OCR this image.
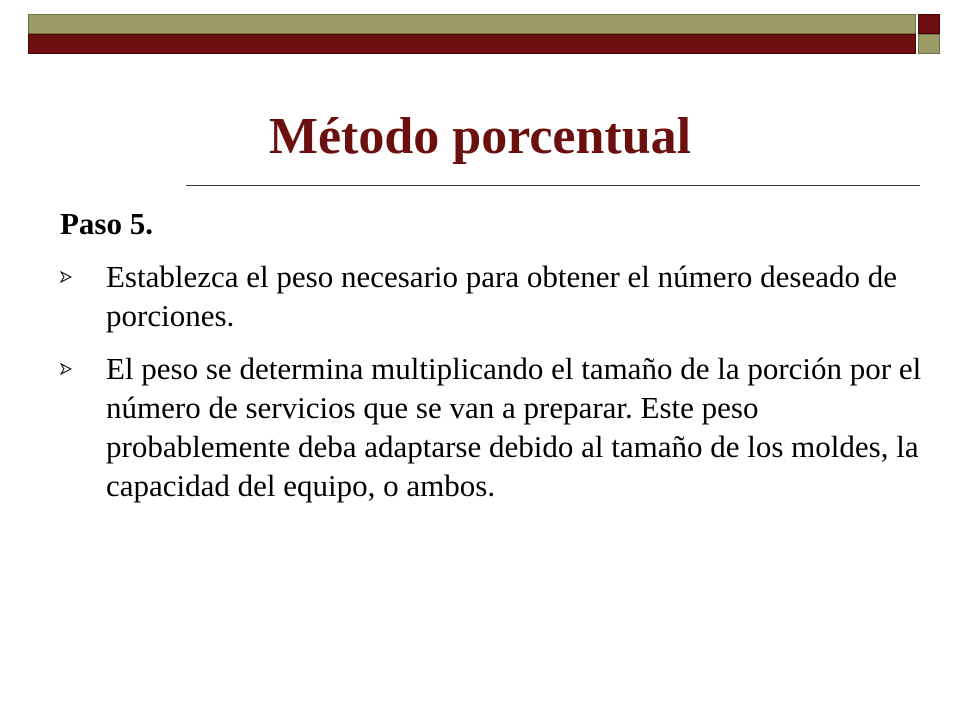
Método porcentual
Paso 5.
Establezca el peso necesario para obtener el número deseado de porciones.
El peso se determina multiplicando el tamaño de la porción por el número de servicios que se van a preparar. Este peso probablemente deba adaptarse debido al tamaño de los moldes, la capacidad del equipo, o ambos.
